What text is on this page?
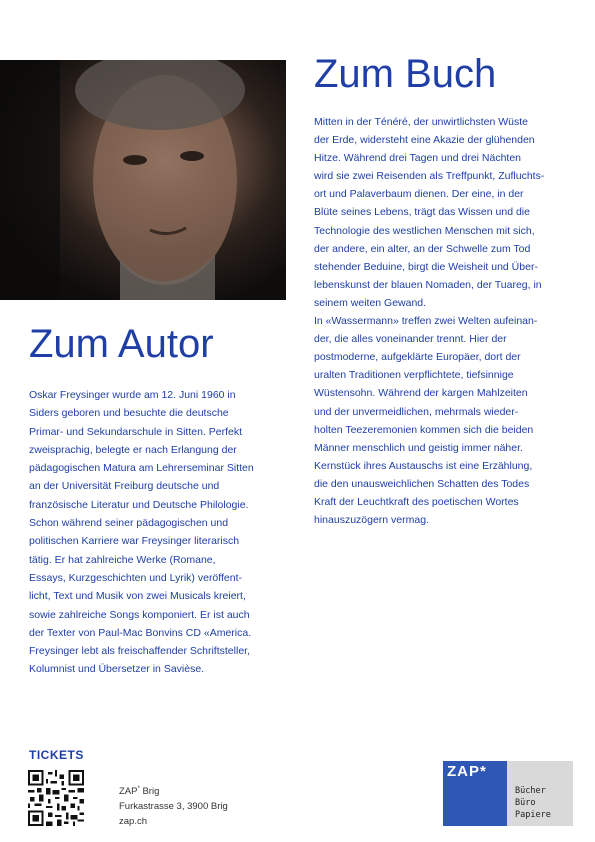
Zum Buch
Mitten in der Ténéré, der unwirtlichsten Wüste
der Erde, widersteht eine Akazie der glühenden
Hitze. Während drei Tagen und drei Nächten
wird sie zwei Reisenden als Treffpunkt, Zufluchts-
ort und Palaverbaum dienen. Der eine, in der
Blüte seines Lebens, trägt das Wissen und die
Technologie des westlichen Menschen mit sich,
der andere, ein alter, an der Schwelle zum Tod
stehender Beduine, birgt die Weisheit und Über-
lebenskunst der blauen Nomaden, der Tuareg, in
seinem weiten Gewand.
In «Wassermann» treffen zwei Welten aufeinan-
der, die alles voneinander trennt. Hier der
postmoderne, aufgeklärte Europäer, dort der
uralten Traditionen verpflichtete, tiefsinnige
Wüstensohn. Während der kargen Mahlzeiten
und der unvermeidlichen, mehrmals wieder-
holten Teezeremonien kommen sich die beiden
Männer menschlich und geistig immer näher.
Kernstück ihres Austauschs ist eine Erzählung,
die den unausweichlichen Schatten des Todes
Kraft der Leuchtkraft des poetischen Wortes
hinauszuzögern vermag.
Zum Autor
Oskar Freysinger wurde am 12. Juni 1960 in
Siders geboren und besuchte die deutsche
Primar- und Sekundarschule in Sitten. Perfekt
zweisprachig, belegte er nach Erlangung der
pädagogischen Matura am Lehrerseminar Sitten
an der Universität Freiburg deutsche und
französische Literatur und Deutsche Philologie.
Schon während seiner pädagogischen und
politischen Karriere war Freysinger literarisch
tätig. Er hat zahlreiche Werke (Romane,
Essays, Kurzgeschichten und Lyrik) veröffent-
licht, Text und Musik von zwei Musicals kreiert,
sowie zahlreiche Songs komponiert. Er ist auch
der Texter von Paul-Mac Bonvins CD «America.
Freysinger lebt als freischaffender Schriftsteller,
Kolumnist und Übersetzer in Savièse.
TICKETS
ZAP* Brig
Furkastrasse 3, 3900 Brig
zap.ch
ZAP*
Bücher
Büro
Papiere
